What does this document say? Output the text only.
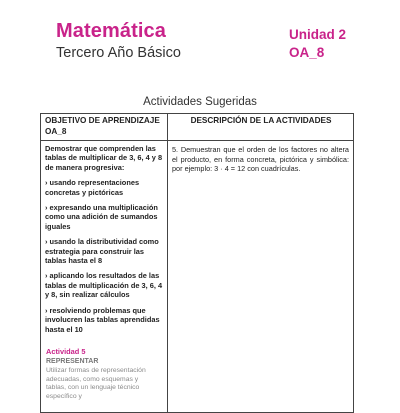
Matemática
Tercero Año Básico
Unidad 2
OA_8
Actividades Sugeridas
OBJETIVO DE APRENDIZAJE
OA_8
DESCRIPCIÓN DE LA ACTIVIDADES

Demostrar que comprenden las tablas de multiplicar de 3, 6, 4 y 8 de manera progresiva:

› usando representaciones concretas y pictóricas

› expresando una multiplicación como una adición de sumandos iguales

› usando la distributividad como estrategia para construir las tablas hasta el 8

› aplicando los resultados de las tablas de multiplicación de 3, 6, 4 y 8, sin realizar cálculos

› resolviendo problemas que involucren las tablas aprendidas hasta el 10

Actividad 5
REPRESENTAR
Utilizar formas de representación adecuadas, como esquemas y tablas, con un lenguaje técnico específico y
5. Demuestran que el orden de los factores no altera el producto, en forma concreta, pictórica y simbólica: por ejemplo: 3 · 4 = 12 con cuadrículas.
